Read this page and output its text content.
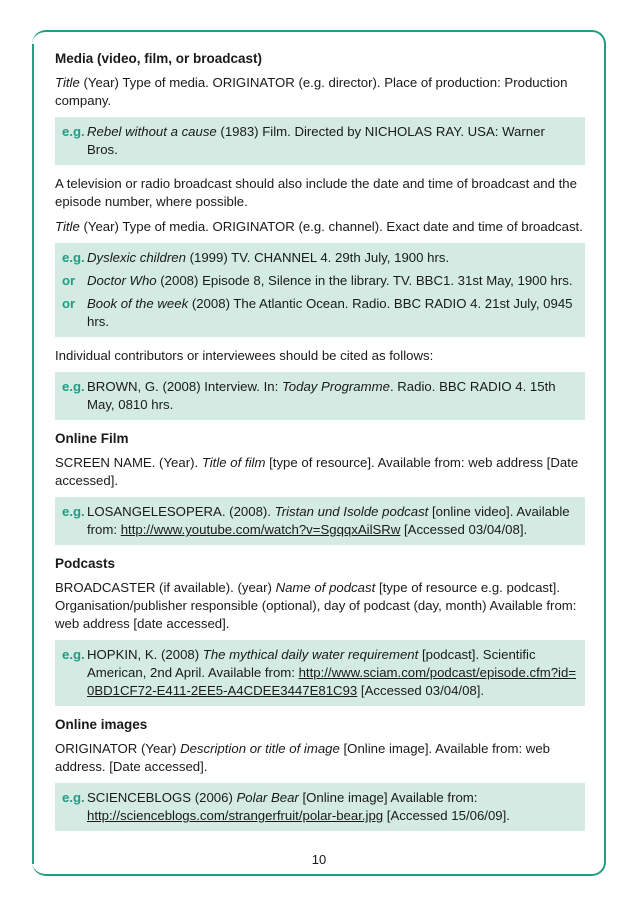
Media (video, film, or broadcast)

Title (Year) Type of media. ORIGINATOR (e.g. director). Place of production: Production company.

e.g. Rebel without a cause (1983) Film. Directed by NICHOLAS RAY. USA: Warner Bros.

A television or radio broadcast should also include the date and time of broadcast and the episode number, where possible.

Title (Year) Type of media. ORIGINATOR (e.g. channel). Exact date and time of broadcast.

e.g. Dyslexic children (1999) TV. CHANNEL 4. 29th July, 1900 hrs.
or Doctor Who (2008) Episode 8, Silence in the library. TV. BBC1. 31st May, 1900 hrs.
or Book of the week (2008) The Atlantic Ocean. Radio. BBC RADIO 4. 21st July, 0945 hrs.

Individual contributors or interviewees should be cited as follows:

e.g. BROWN, G. (2008) Interview. In: Today Programme. Radio. BBC RADIO 4. 15th May, 0810 hrs.
Online Film

SCREEN NAME. (Year). Title of film [type of resource]. Available from: web address [Date accessed].

e.g. LOSANGELESOPERA. (2008). Tristan und Isolde podcast [online video]. Available from: http://www.youtube.com/watch?v=SgqqxAilSRw [Accessed 03/04/08].
Podcasts

BROADCASTER (if available). (year) Name of podcast [type of resource e.g. podcast]. Organisation/publisher responsible (optional), day of podcast (day, month) Available from: web address [date accessed].

e.g. HOPKIN, K. (2008) The mythical daily water requirement [podcast]. Scientific American, 2nd April. Available from: http://www.sciam.com/podcast/episode.cfm?id=0BD1CF72-E411-2EE5-A4CDEE3447E81C93 [Accessed 03/04/08].
Online images

ORIGINATOR (Year) Description or title of image [Online image]. Available from: web address. [Date accessed].

e.g. SCIENCEBLOGS (2006) Polar Bear [Online image] Available from: http://scienceblogs.com/strangerfruit/polar-bear.jpg [Accessed 15/06/09].
10
